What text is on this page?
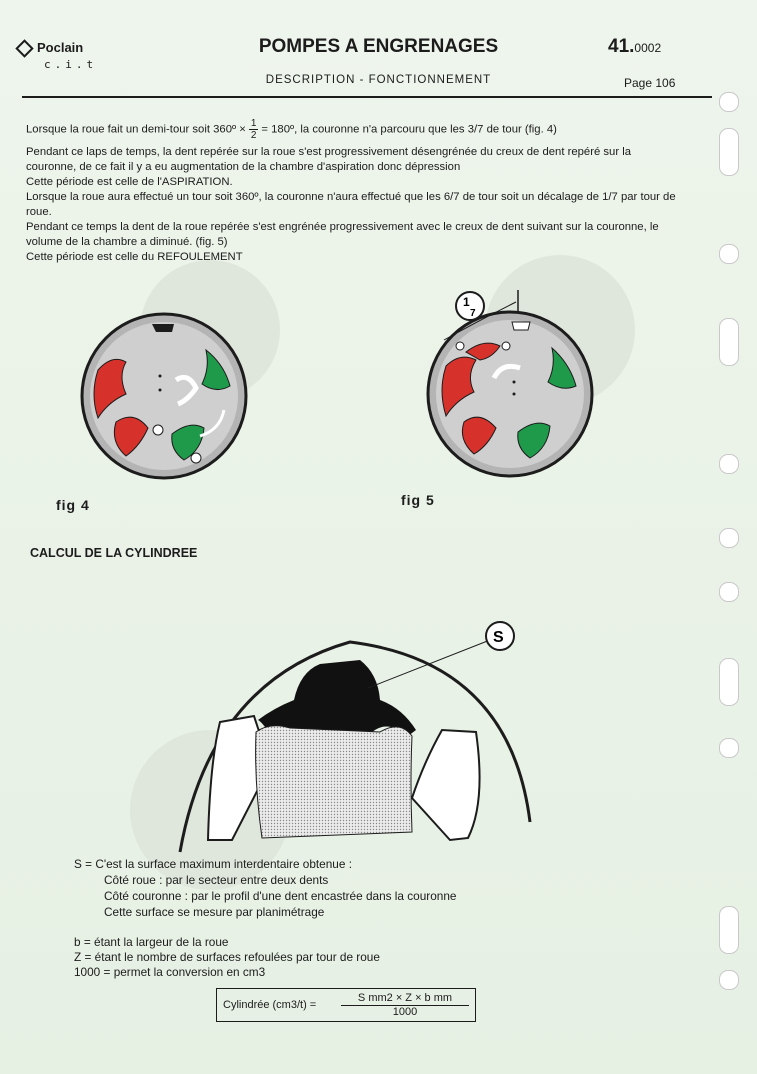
Poclain
c.i.t
POMPES A ENGRENAGES
DESCRIPTION - FONCTIONNEMENT
41.0002
Page 106

Lorsque la roue fait un demi-tour soit 360º × $\frac{1}{2}$ = 180º, la couronne n'a parcouru que les 3/7 de tour (fig. 4)

Pendant ce laps de temps, la dent repérée sur la roue s'est progressivement désengrénée du creux de dent repéré sur la couronne, de ce fait il y a eu augmentation de la chambre d'aspiration donc dépression

Cette période est celle de l'ASPIRATION.

Lorsque la roue aura effectué un tour soit 360º, la couronne n'aura effectué que les 6/7 de tour soit un décalage de 1/7 par tour de roue.

Pendant ce temps la dent de la roue repérée s'est engrénée progressivement avec le creux de dent suivant sur la couronne, le volume de la chambre a diminué. (fig. 5)

Cette période est celle du REFOULEMENT

fig 4
1
7
fig 5
CALCUL DE LA CYLINDREE
S
S = C'est la surface maximum interdentaire obtenue :
Côté roue : par le secteur entre deux dents
Côté couronne : par le profil d'une dent encastrée dans la couronne
Cette surface se mesure par planimétrage
b = étant la largeur de la roue
Z = étant le nombre de surfaces refoulées par tour de roue
1000 = permet la conversion en cm3
Cylindrée (cm3/t) =
S mm2 × Z × b mm
1000
